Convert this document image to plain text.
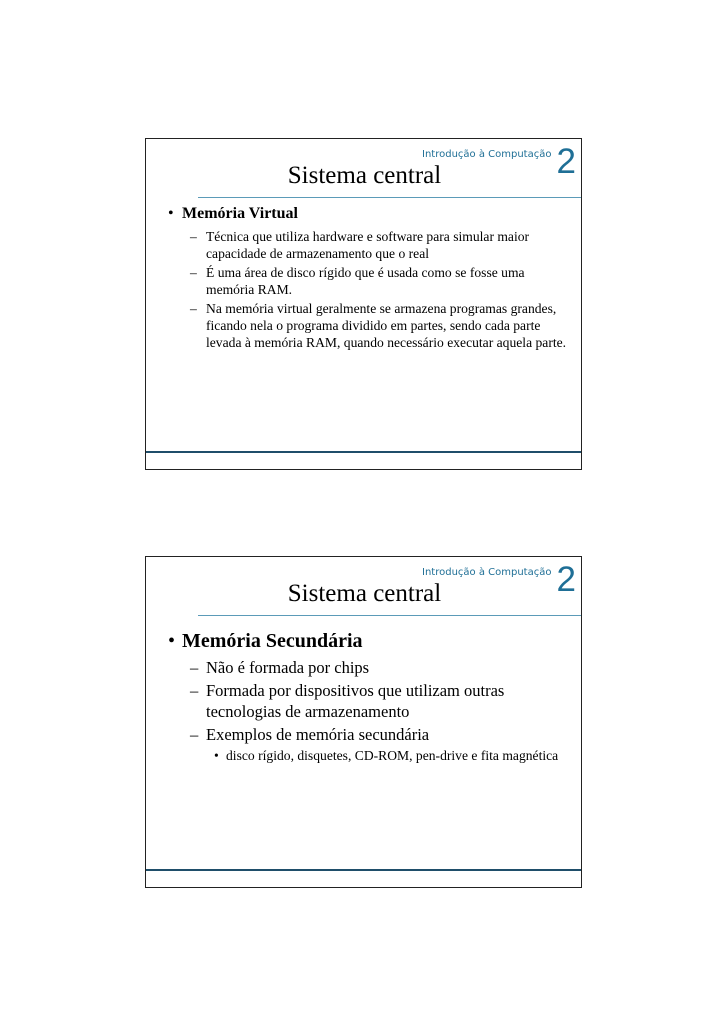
Introdução à Computação 2
Sistema central
• Memória Virtual
– Técnica que utiliza hardware e software para simular maior capacidade de armazenamento que o real
– É uma área de disco rígido que é usada como se fosse uma memória RAM.
– Na memória virtual geralmente se armazena programas grandes, ficando nela o programa dividido em partes, sendo cada parte levada à memória RAM, quando necessário executar aquela parte.
Introdução à Computação 2
Sistema central
• Memória Secundária
– Não é formada por chips
– Formada por dispositivos que utilizam outras tecnologias de armazenamento
– Exemplos de memória secundária
• disco rígido, disquetes, CD-ROM, pen-drive e fita magnética
